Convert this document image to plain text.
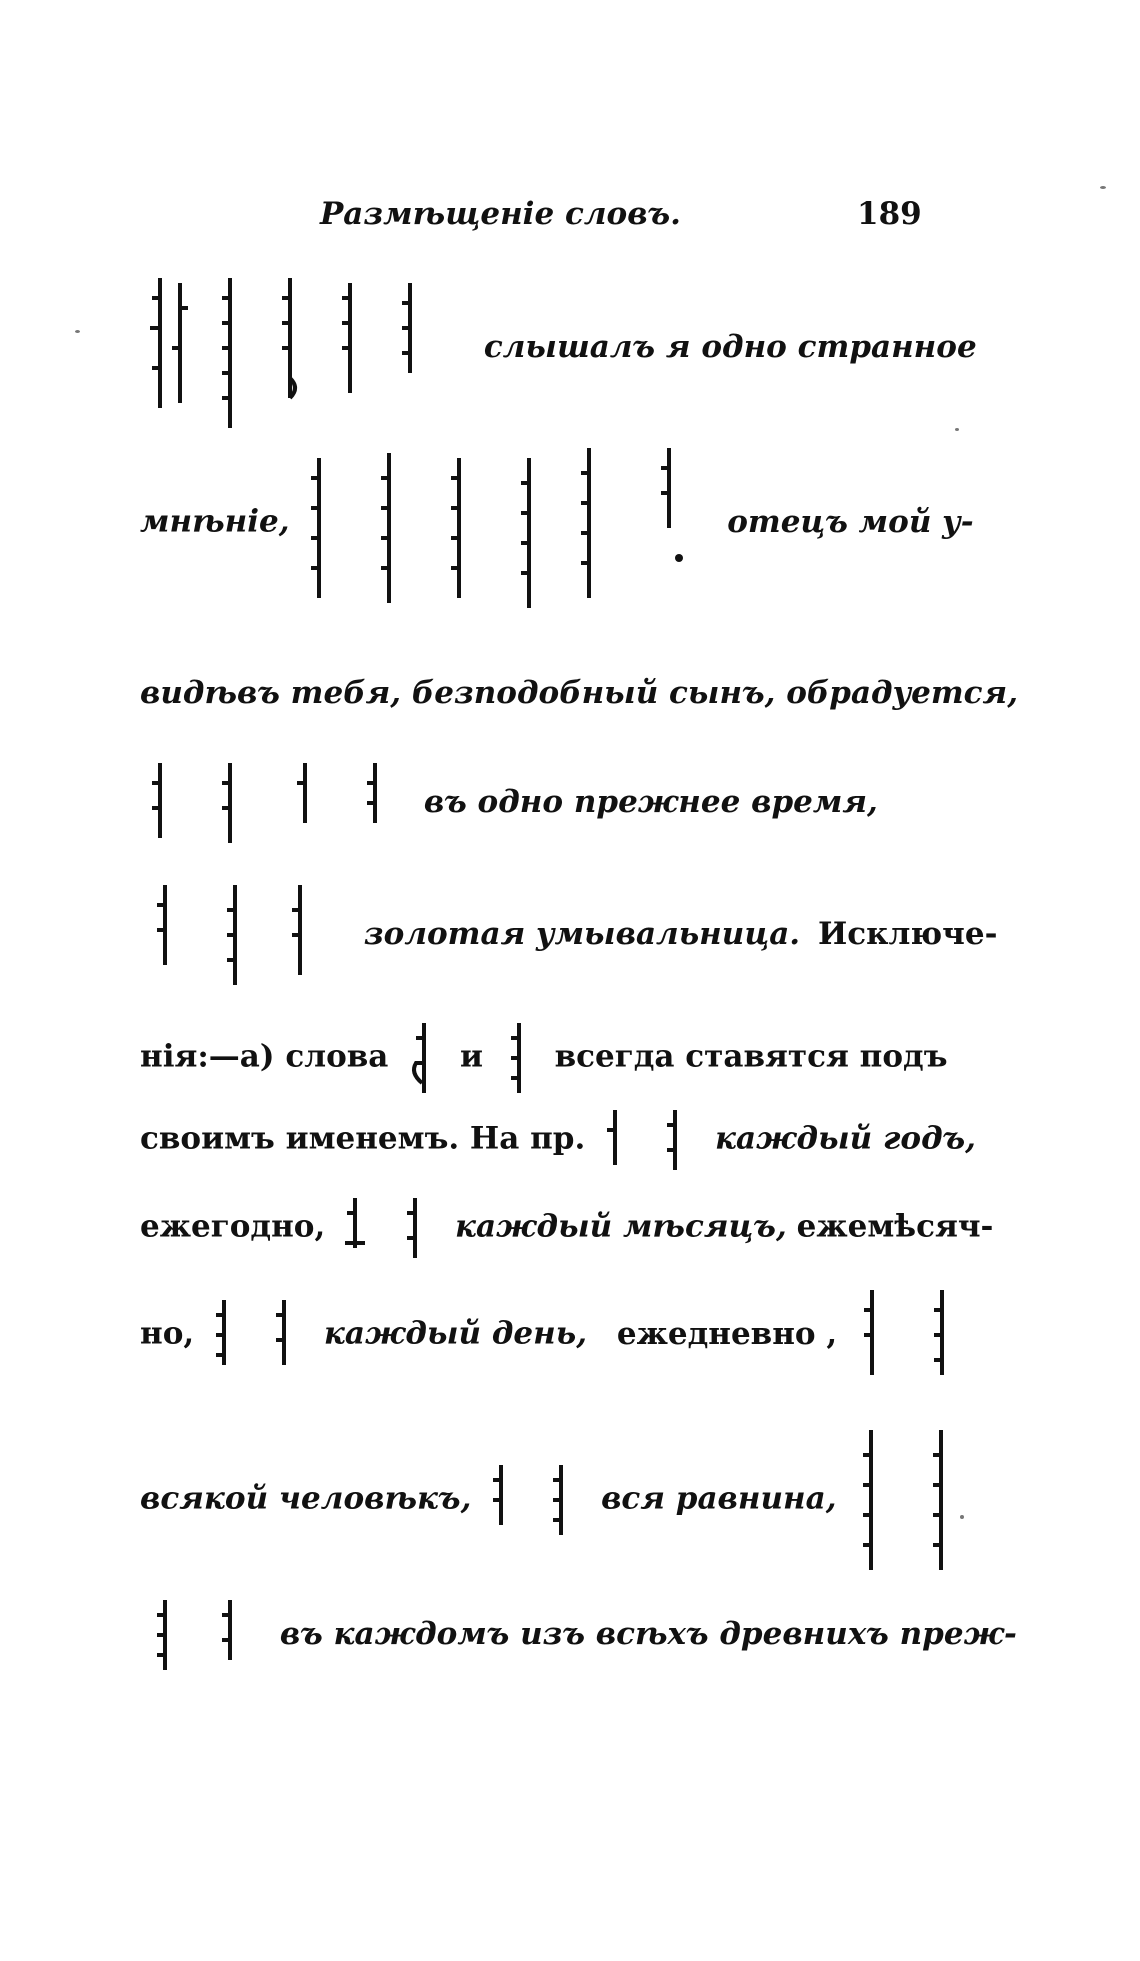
Размѣщеніе словъ.	189
слышалъ я одно странное
мнѣніе,	отецъ мой у-
видѣвъ тебя, безподобный сынъ, обрадуется,
въ одно прежнее время,
золотая умывальница. Исключе-
нія:—а) слова и всегда ставятся подъ
своимъ именемъ. На пр.	каждый годъ,
ежегодно,	каждый мѣсяцъ, ежемѣсяч-
но,	каждый день, ежедневно ,
всякой человѣкъ,	вся равнина,
въ каждомъ изъ всѣхъ древнихъ преж-
